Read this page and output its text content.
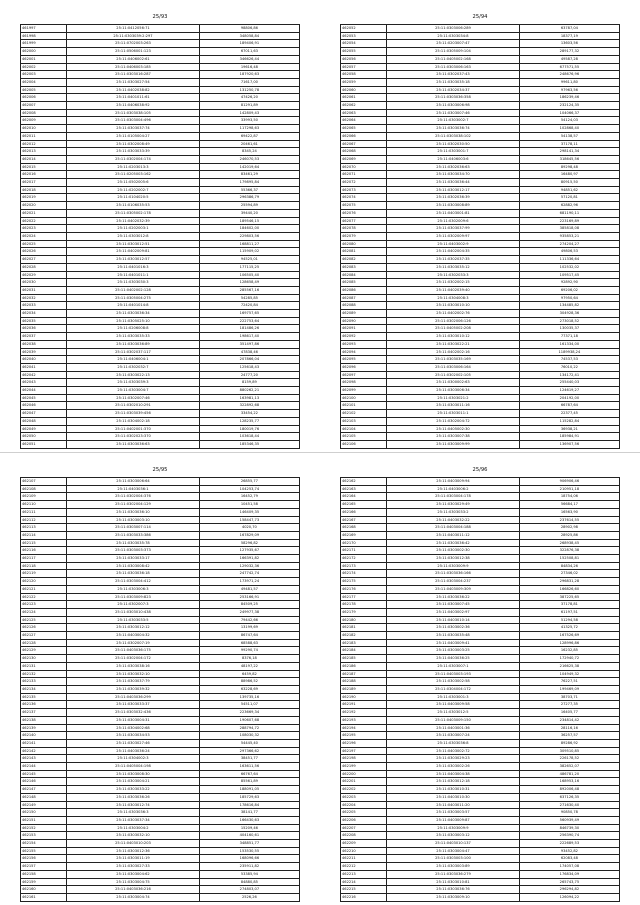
25/93
461997	25:11:0412056:71	98806,86
461998	25:11:0303039:2:297	348058,84
461999	25:11:0702003:263	189406,91
462000	25:11:0506001:123	67011,63
462001	25:11:0406002:61	346626,44
462002	25:11:0406003:185	19616,48
462003	25:11:0303016:287	187920,63
462004	25:11:0303027:54	71617,00
462005	25:11:0402038:82	131250,78
462006	25:11:0401011:61	47426,20
462007	25:11:0406038:92	81291,89
462008	25:11:0303038:105	142809,43
462009	25:11:0303004:496	33993,50
462010	25:11:0303037:74	117298,63
462011	25:11:0105004:27	69422,87
462012	25:11:0302008:49	20461,61
462013	25:11:0303033:39	8345,24
462014	25:11:0302004:174	246070,53
462015	25:11:0203013:3	142019,64
462016	25:11:0205003:162	83461,29
462017	25:11:0502005:6	179895,84
462018	25:11:0202002:7	55366,37
462019	25:11:0104020:5	296386,79
462020	25:11:0106035:53	25594,89
462021	25:11:0305002:178	39440,20
462022	25:11:0402032:39	189546,15
462023	25:11:0202003:1	184602,00
462024	25:11:0303012:8	229803,56
462025	25:11:0303012:51	168811,27
462026	25:11:0402009:81	115909,02
462027	25:11:0303012:57	94525,01
462028	25:11:0401016:3	177115,25
462029	25:11:0401011:1	106505,40
462030	25:11:0303030:3	128658,49
462031	25:11:0402002:128	285567,16
462032	25:11:0305004:275	54285,85
462033	25:11:0401014:8	72420,84
462034	25:11:0303036:34	169757,65
462035	25:11:0305025:10	222753,64
462036	25:11:0206008:8	181486,26
462037	25:11:0303035:33	198617,40
462038	25:11:0303036:89	351497,86
462039	25:11:0302037:117	47838,46
462040	25:11:0406004:1	207866,04
462041	25:11:0302032:7	125618,43
462042	25:11:0303022:13	24777,20
462043	25:11:0303039:3	8159,89
462044	25:11:0303004:7	880262,21
462045	25:11:0302007:46	163981,13
462046	25:11:0302010:291	322892,68
462047	25:11:0303039:456	33454,22
462048	25:11:0304002:18	128235,77
462049	25:11:0402001:370	180019,76
462050	25:11:0302023:370	103618,44
462051	25:11:0303036:63	185346,35
25/94
462052	25:11:0303006:289	63787,04
462053	25:11:0303034:8	18377,19
462054	25:11:0203007:47	13603,56
462055	25:11:0305009:104	289177,32
462056	25:11:0405002:168	49587,28
462057	25:11:0303006:163	677571,55
462058	25:11:0302037:43	248676,96
462059	25:11:0303035:18	99611,80
462060	25:11:0302034:37	97963,56
462061	25:11:0303036:358	186239,46
462062	25:11:0303006:98	232124,35
462063	25:11:0303007:46	104066,37
462064	25:11:0303002:7	54124,03
462065	25:11:0303036:74	102868,40
462066	25:11:0303038:102	54138,57
462067	25:11:0302030:50	37178,11
462068	25:11:0303001:7	298141,34
462069	25:11:0406003:6	318645,56
462070	25:11:0302036:63	89298,48
462071	25:11:0303034:70	16480,97
462072	25:11:0303036:44	80915,50
462073	25:11:0303012:17	94851,62
462074	25:11:0302036:39	57120,81
462075	25:11:0303008:89	62882,96
462076	25:11:0403001:81	681190,11
462077	25:11:0302009:6	223169,89
462078	25:11:0303037:99	385818,08
462079	25:11:0302009:97	935853,21
462080	25:11:0403002:9	274204,27
462081	25:11:0402004:35	49806,53
462082	25:11:0302037:35	111336,64
462083	25:11:0303035:12	102532,02
462084	25:11:0302033:3	109517,45
462085	25:11:0302002:15	92892,90
462086	25:11:0402039:40	69206,02
462087	25:11:0304008:3	97950,64
462088	25:11:0303010:10	134485,82
462089	25:11:0402002:76	304928,36
462090	25:11:0302006:126	273018,52
462091	25:11:0405002:208	130035,37
462092	25:11:0303010:12	77371,18
462093	25:11:0303022:21	161334,00
462094	25:11:0402002:16	1189938,24
462095	25:11:0303035:169	74537,53
462096	25:11:0303006:164	76010,22
462097	25:11:0302002:105	134172,41
462098	25:11:0300002:63	255440,03
462099	25:11:0303006:34	124619,27
462100	25:11:0303021:2	204192,00
462101	25:11:0303011:16	66787,64
462102	25:11:0303011:1	22377,45
462103	25:11:0302004:72	115282,84
462104	25:11:0405002:30	36938,21
462105	25:11:0303007:38	185984,91
462106	25:11:0303009:99	136907,56
25/95
462107	25:11:0303006:64	26855,77
462108	25:11:0403036:1	104253,74
462109	25:11:0302004:376	16452,79
462110	25:11:0302004:129	10451,58
462111	25:11:0303036:10	146409,35
462112	25:11:0303003:10	158447,73
462113	25:11:0303007:114	4020,70
462114	25:11:0303033:386	167829,09
462115	25:11:0303035:78	58296,82
462116	25:11:0303003:373	127935,67
462117	25:11:0303033:17	166391,82
462118	25:11:0303008:42	129032,36
462119	25:11:0303036:18	247742,74
462120	25:11:0303004:412	173971,24
462121	25:11:0303006:3	49481,57
462122	25:11:0303009:823	253166,91
462123	25:11:0302007:3	84509,25
462124	25:11:0303010:438	249977,38
462125	25:11:0303033:5	79442,66
462126	25:11:0303012:12	13199,69
462127	25:11:0403004:32	86747,64
462128	25:11:0302007:19	68588,63
462129	25:11:0403036:175	99290,74
462130	25:11:0302004:172	8376,18
462131	25:11:0303038:16	48197,22
462132	25:11:0303032:10	6459,82
462133	25:11:0303037:79	88986,52
462134	25:11:0303039:32	63228,69
462135	25:11:0403036:299	139735,16
462136	25:11:0303033:37	54511,07
462137	25:11:0303032:436	223669,34
462138	25:11:0303004:31	190607,68
462139	25:11:0304002:68	288794,72
462140	25:11:0303034:53	108030,32
462141	25:11:0303027:46	54445,40
462142	25:11:0403036:24	297366,62
462143	25:11:0304002:3	38451,77
462144	25:11:0405004:198	163611,56
462145	25:11:0303008:30	66767,64
462146	25:11:0303004:21	85561,89
462147	25:11:0303033:22	188091,05
462148	25:11:0303036:26	185729,63
462149	25:11:0303012:74	178616,84
462150	25:11:0303036:3	38141,77
462151	25:11:0303037:34	166430,63
462152	25:11:0303004:2	15209,46
462153	25:11:0303032:10	404160,61
462154	25:11:0403010:203	348851,77
462155	25:11:0303012:36	153530,55
462156	25:11:0303011:19	168096,66
462157	25:11:0303027:33	235911,82
462158	25:11:0303004:62	53385,94
462159	25:11:0303004:75	84880,85
462160	25:11:0403036:216	274803,07
462161	25:11:0303004:74	2526,26
25/96
462162	25:11:0403009:94	906906,46
462163	25:11:0403006:2	210951,18
462164	25:11:0303004:178	18754,06
462165	25:11:0303029:49	56684,17
462166	25:11:0303033:2	16563,90
462167	25:11:0403032:22	237614,55
462168	25:11:0403004:188	28902,98
462169	25:11:0403011:12	28925,86
462170	25:11:0303036:42	268938,45
462171	25:11:0303002:30	322876,38
462172	25:11:0303012:38	152508,81
462173	25:11:0303009:9	84834,26
462174	25:11:0303036:166	27346,02
462175	25:11:0303004:237	296831,28
462176	25:11:0403009:309	166826,60
462177	25:11:0303036:22	387225,65
462178	25:11:0303007:45	37178,81
462179	25:11:0403002:97	61197,51
462180	25:11:0403010:14	51294,58
462181	25:11:0303002:36	41325,72
462182	25:11:0303035:48	167526,69
462183	25:11:0403009:41	128996,86
462184	25:11:0303003:25	16232,85
462185	25:11:0403036:25	172940,72
462186	25:11:0303007:1	216625,38
462187	25:11:0403003:193	104949,32
462188	25:11:0303002:58	76227,51
462189	25:11:0304004:172	199469,09
462190	25:11:0303001:3	38703,71
462191	25:11:0403009:58	27277,35
462192	25:11:0303012:5	16405,77
462193	25:11:0403009:150	234814,42
462194	25:11:0403001:36	28116,16
462195	25:11:0303007:24	36257,57
462196	25:11:0303036:8	89286,92
462197	25:11:0403002:72	309510,85
462198	25:11:0303029:23	226178,52
462199	25:11:0303002:26	382652,07
462200	25:11:0403004:38	486781,20
462201	25:11:0303012:18	168953,16
462202	25:11:0303010:31	892006,48
462203	25:11:0403010:30	637126,35
462204	25:11:0403011:20	271630,40
462205	25:11:0303003:57	90850,78
462206	25:11:0403009:87	560939,49
462207	25:11:0303009:9	846739,30
462208	25:11:0303003:12	256390,74
462209	25:11:0403010:137	222689,53
462210	25:11:0303004:47	93452,82
462211	25:11:0303003:100	62083,48
462212	25:11:0303003:89	174057,08
462213	25:11:0303036:279	176834,09
462214	25:11:0303010:81	265743,75
462215	25:11:0303036:76	296294,82
462216	25:11:0303009:10	126094,22
